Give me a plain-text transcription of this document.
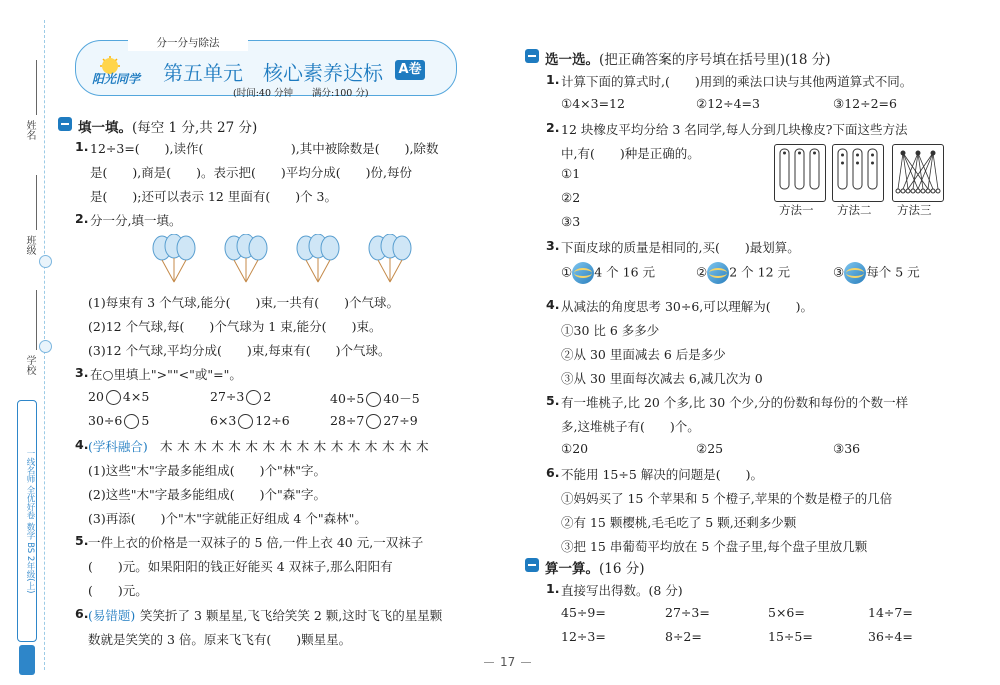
姓名
班级
学校
一线名师 全优好卷 数学 BS 2年级(上)
分一分与除法
阳光同学 第五单元　核心素养达标 A卷
(时间:40 分钟　　满分:100 分)
填一填。(每空 1 分,共 27 分)
1. 12÷3=(　　),读作(　　　　　　　),其中被除数是(　　),除数
是(　　),商是(　　)。表示把(　　)平均分成(　　)份,每份
是(　　);还可以表示 12 里面有(　　)个 3。
2. 分一分,填一填。
(1)每束有 3 个气球,能分(　　)束,一共有(　　)个气球。
(2)12 个气球,每(　　)个气球为 1 束,能分(　　)束。
(3)12 个气球,平均分成(　　)束,每束有(　　)个气球。
3. 在○里填上">""<"或"="。
20 4×5	27÷3 2	40÷5 40－5
30÷6 5	6×3 12÷6	28÷7 27÷9
4. (学科融合) 木 木 木 木 木 木 木 木 木 木 木 木 木 木 木 木
(1)这些"木"字最多能组成(　　)个"林"字。
(2)这些"木"字最多能组成(　　)个"森"字。
(3)再添(　　)个"木"字就能正好组成 4 个"森林"。
5. 一件上衣的价格是一双袜子的 5 倍,一件上衣 40 元,一双袜子
(　　)元。如果阳阳的钱正好能买 4 双袜子,那么阳阳有
(　　)元。
6. (易错题) 笑笑折了 3 颗星星,飞飞给笑笑 2 颗,这时飞飞的星星颗
数就是笑笑的 3 倍。原来飞飞有(　　)颗星星。
选一选。(把正确答案的序号填在括号里)(18 分)
1. 计算下面的算式时,(　　)用到的乘法口诀与其他两道算式不同。
①4×3=12	②12÷4=3	③12÷2=6
2. 12 块橡皮平均分给 3 名同学,每人分到几块橡皮?下面这些方法
中,有(　　)种是正确的。
①1
②2
③3
方法一 方法二 方法三
3. 下面皮球的质量是相同的,买(　　)最划算。
① 4 个 16 元	② 2 个 12 元	③ 每个 5 元
4. 从减法的角度思考 30÷6,可以理解为(　　)。
①30 比 6 多多少
②从 30 里面减去 6 后是多少
③从 30 里面每次减去 6,减几次为 0
5. 有一堆桃子,比 20 个多,比 30 个少,分的份数和每份的个数一样
多,这堆桃子有(　　)个。
①20	②25	③36
6. 不能用 15÷5 解决的问题是(　　)。
①妈妈买了 15 个苹果和 5 个橙子,苹果的个数是橙子的几倍
②有 15 颗樱桃,毛毛吃了 5 颗,还剩多少颗
③把 15 串葡萄平均放在 5 个盘子里,每个盘子里放几颗
算一算。(16 分)
1. 直接写出得数。(8 分)
45÷9=	27÷3=	5×6=	14÷7=
12÷3=	8÷2=	15÷5=	36÷4=
17
